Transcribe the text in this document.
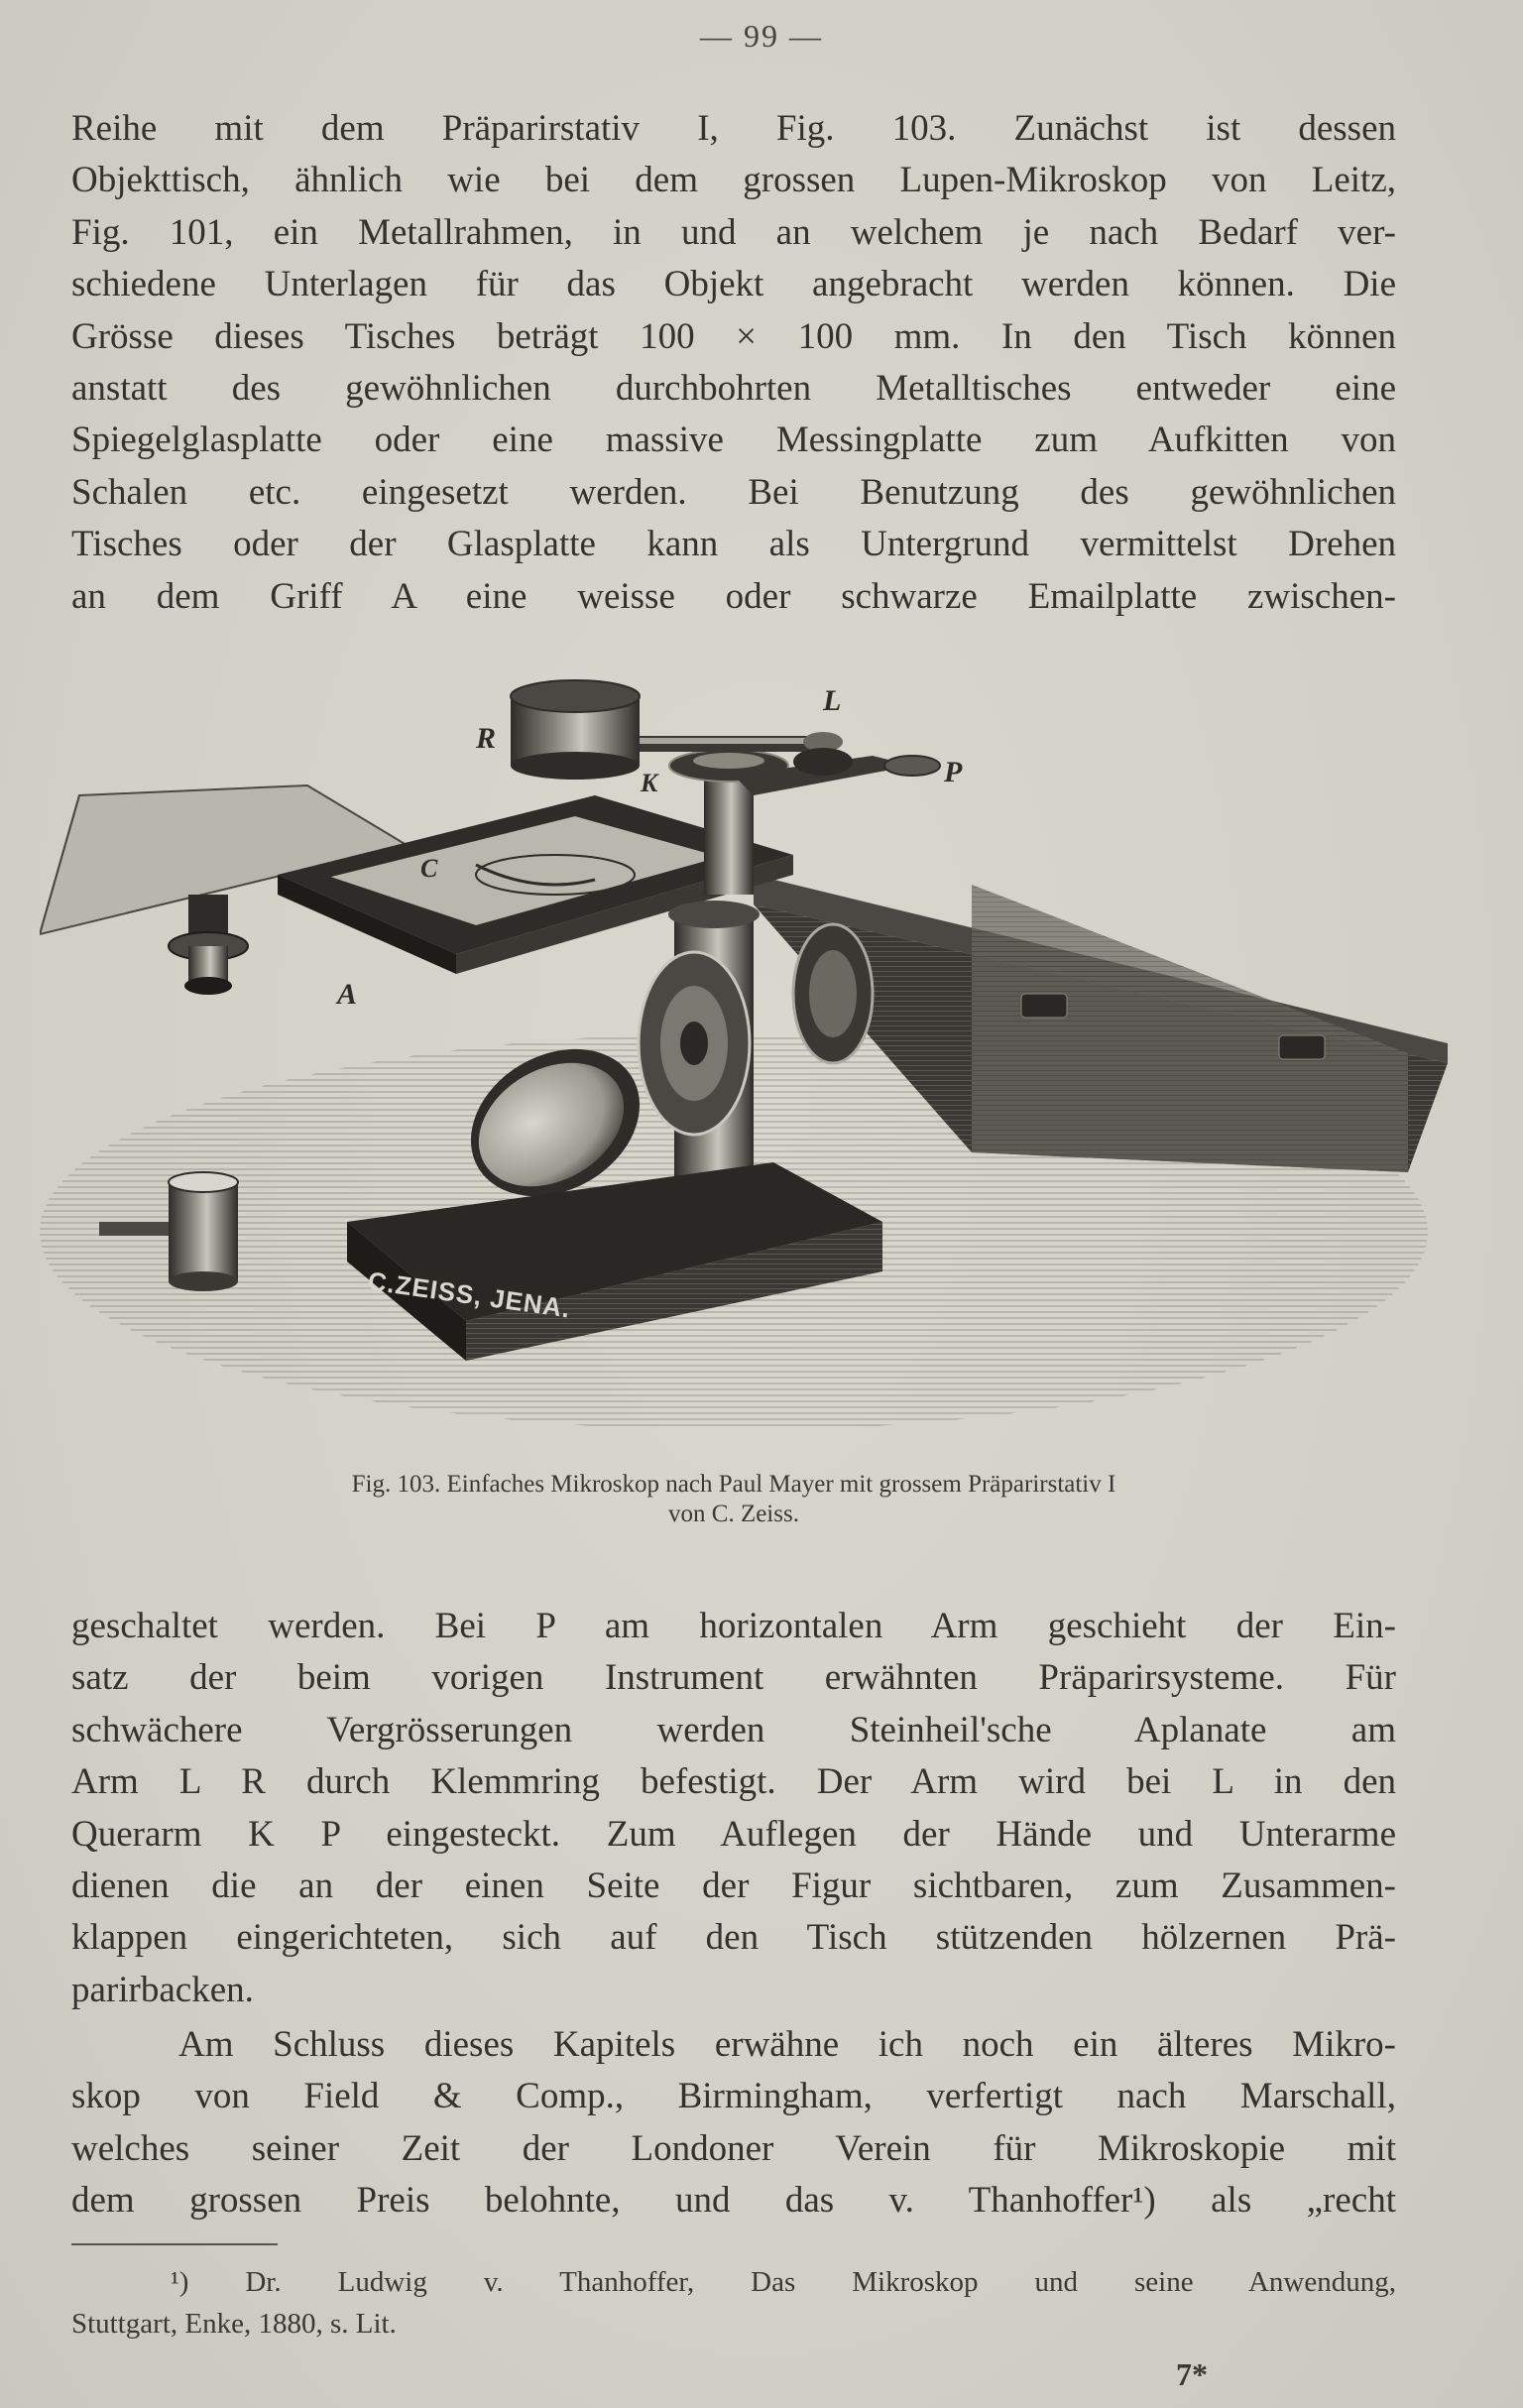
— 99 —
Reihe mit dem Präparirstativ I, Fig. 103. Zunächst ist dessen
Objekttisch, ähnlich wie bei dem grossen Lupen-Mikroskop von Leitz,
Fig. 101, ein Metallrahmen, in und an welchem je nach Bedarf ver-
schiedene Unterlagen für das Objekt angebracht werden können. Die
Grösse dieses Tisches beträgt 100 × 100 mm. In den Tisch können
anstatt des gewöhnlichen durchbohrten Metalltisches entweder eine
Spiegelglasplatte oder eine massive Messingplatte zum Aufkitten von
Schalen etc. eingesetzt werden. Bei Benutzung des gewöhnlichen
Tisches oder der Glasplatte kann als Untergrund vermittelst Drehen
an dem Griff A eine weisse oder schwarze Emailplatte zwischen-
C.ZEISS, JENA.
R
L
K	P
C
A
Fig. 103. Einfaches Mikroskop nach Paul Mayer mit grossem Präparirstativ I
von C. Zeiss.
geschaltet werden. Bei P am horizontalen Arm geschieht der Ein-
satz der beim vorigen Instrument erwähnten Präparirsysteme. Für
schwächere Vergrösserungen werden Steinheil'sche Aplanate am
Arm L R durch Klemmring befestigt. Der Arm wird bei L in den
Querarm K P eingesteckt. Zum Auflegen der Hände und Unterarme
dienen die an der einen Seite der Figur sichtbaren, zum Zusammen-
klappen eingerichteten, sich auf den Tisch stützenden hölzernen Prä-
parirbacken.
Am Schluss dieses Kapitels erwähne ich noch ein älteres Mikro-
skop von Field & Comp., Birmingham, verfertigt nach Marschall,
welches seiner Zeit der Londoner Verein für Mikroskopie mit
dem grossen Preis belohnte, und das v. Thanhoffer¹) als „recht
¹) Dr. Ludwig v. Thanhoffer, Das Mikroskop und seine Anwendung,
Stuttgart, Enke, 1880, s. Lit.
7*
